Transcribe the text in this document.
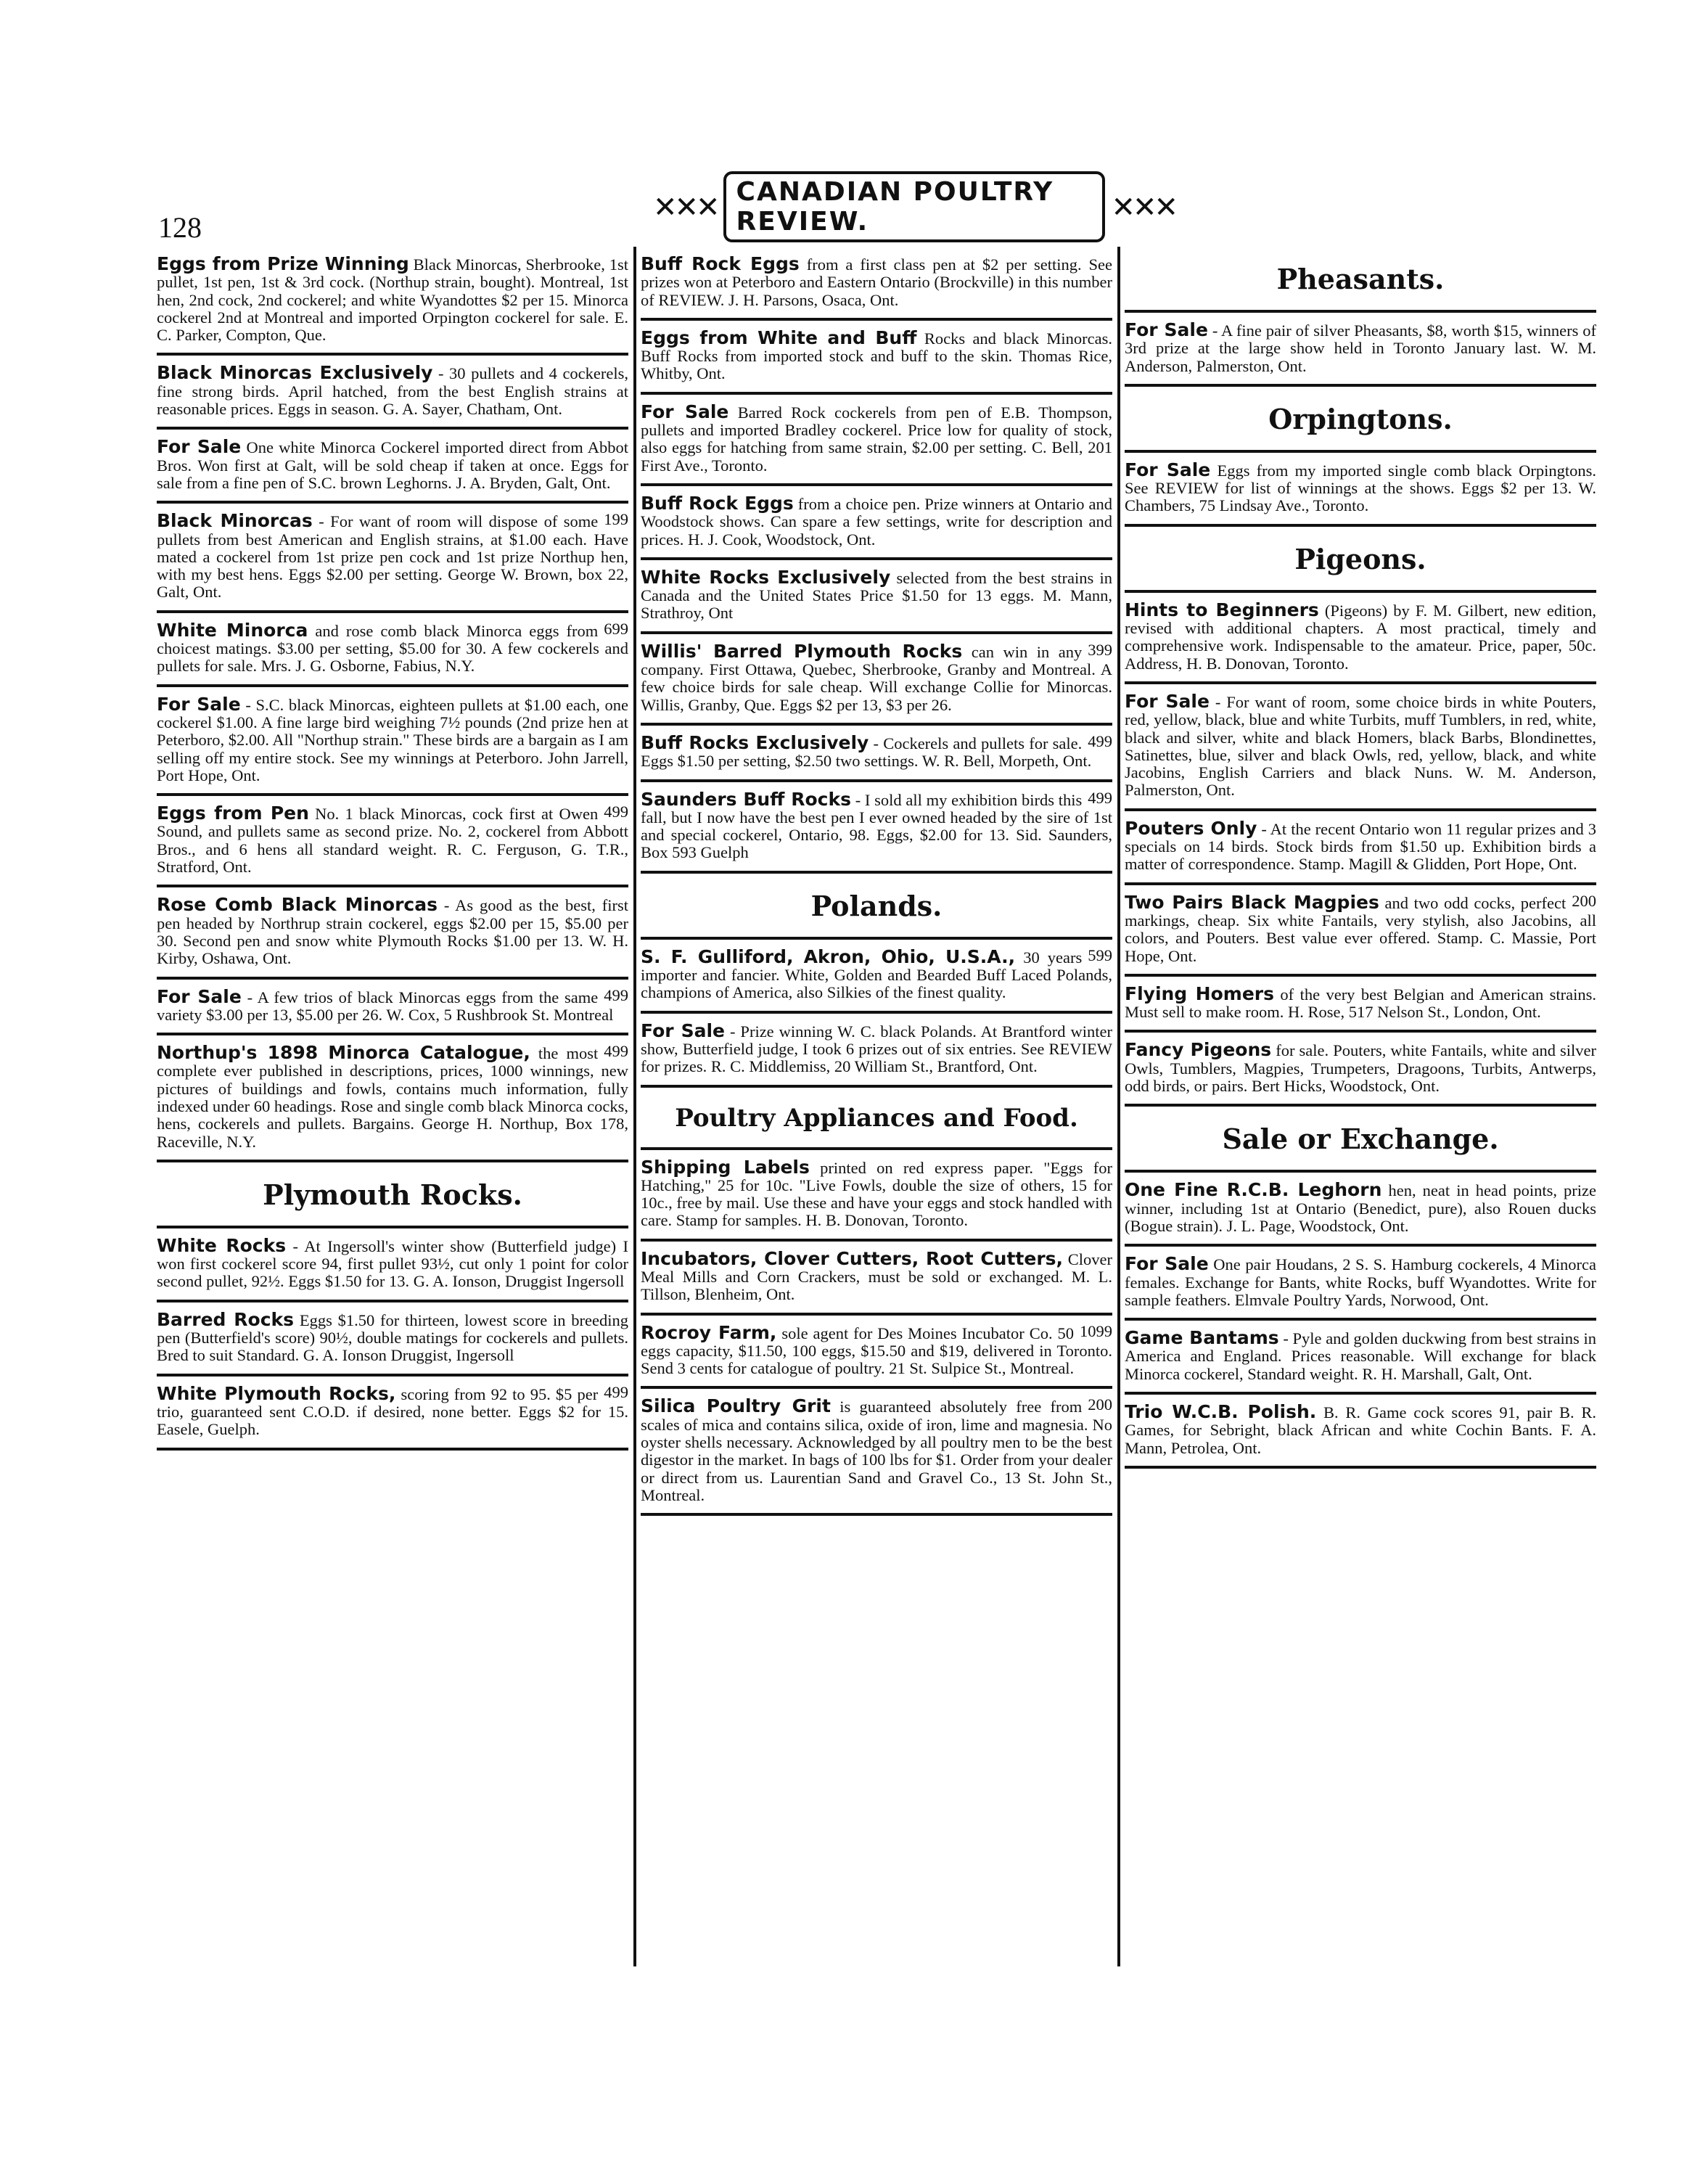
128
✕✕✕ CANADIAN POULTRY REVIEW.	✕✕✕
Eggs from Prize Winning Black Minorcas, Sherbrooke, 1st pullet, 1st pen, 1st & 3rd cock. (Northup strain, bought). Montreal, 1st hen, 2nd cock, 2nd cockerel; and white Wyandottes $2 per 15. Minorca cockerel 2nd at Montreal and imported Orpington cockerel for sale. E. C. Parker, Compton, Que.
Black Minorcas Exclusively - 30 pullets and 4 cockerels, fine strong birds. April hatched, from the best English strains at reasonable prices. Eggs in season. G. A. Sayer, Chatham, Ont.
For Sale One white Minorca Cockerel imported direct from Abbot Bros. Won first at Galt, will be sold cheap if taken at once. Eggs for sale from a fine pen of S.C. brown Leghorns. J. A. Bryden, Galt, Ont.
199
Black Minorcas - For want of room will dispose of some pullets from best American and English strains, at $1.00 each. Have mated a cockerel from 1st prize pen cock and 1st prize Northup hen, with my best hens. Eggs $2.00 per setting. George W. Brown, box 22, Galt, Ont.
699
White Minorca and rose comb black Minorca eggs from choicest matings. $3.00 per setting, $5.00 for 30. A few cockerels and pullets for sale. Mrs. J. G. Osborne, Fabius, N.Y.
For Sale - S.C. black Minorcas, eighteen pullets at $1.00 each, one cockerel $1.00. A fine large bird weighing 7½ pounds (2nd prize hen at Peterboro, $2.00. All "Northup strain." These birds are a bargain as I am selling off my entire stock. See my winnings at Peterboro. John Jarrell, Port Hope, Ont.
499
Eggs from Pen No. 1 black Minorcas, cock first at Owen Sound, and pullets same as second prize. No. 2, cockerel from Abbott Bros., and 6 hens all standard weight. R. C. Ferguson, G. T.R., Stratford, Ont.
Rose Comb Black Minorcas - As good as the best, first pen headed by Northrup strain cockerel, eggs $2.00 per 15, $5.00 per 30. Second pen and snow white Plymouth Rocks $1.00 per 13. W. H. Kirby, Oshawa, Ont.
499
For Sale - A few trios of black Minorcas eggs from the same variety $3.00 per 13, $5.00 per 26. W. Cox, 5 Rushbrook St. Montreal
499
Northup's 1898 Minorca Catalogue, the most complete ever published in descriptions, prices, 1000 winnings, new pictures of buildings and fowls, contains much information, fully indexed under 60 headings. Rose and single comb black Minorca cocks, hens, cockerels and pullets. Bargains. George H. Northup, Box 178, Raceville, N.Y.
Plymouth Rocks.
White Rocks - At Ingersoll's winter show (Butterfield judge) I won first cockerel score 94, first pullet 93½, cut only 1 point for color second pullet, 92½. Eggs $1.50 for 13. G. A. Ionson, Druggist Ingersoll
Barred Rocks Eggs $1.50 for thirteen, lowest score in breeding pen (Butterfield's score) 90½, double matings for cockerels and pullets. Bred to suit Standard. G. A. Ionson Druggist, Ingersoll
499
White Plymouth Rocks, scoring from 92 to 95. $5 per trio, guaranteed sent C.O.D. if desired, none better. Eggs $2 for 15. Easele, Guelph.
Buff Rock Eggs from a first class pen at $2 per setting. See prizes won at Peterboro and Eastern Ontario (Brockville) in this number of REVIEW. J. H. Parsons, Osaca, Ont.
Eggs from White and Buff Rocks and black Minorcas. Buff Rocks from imported stock and buff to the skin. Thomas Rice, Whitby, Ont.
For Sale Barred Rock cockerels from pen of E.B. Thompson, pullets and imported Bradley cockerel. Price low for quality of stock, also eggs for hatching from same strain, $2.00 per setting. C. Bell, 201 First Ave., Toronto.
Buff Rock Eggs from a choice pen. Prize winners at Ontario and Woodstock shows. Can spare a few settings, write for description and prices. H. J. Cook, Woodstock, Ont.
White Rocks Exclusively selected from the best strains in Canada and the United States Price $1.50 for 13 eggs. M. Mann, Strathroy, Ont
399
Willis' Barred Plymouth Rocks can win in any company. First Ottawa, Quebec, Sherbrooke, Granby and Montreal. A few choice birds for sale cheap. Will exchange Collie for Minorcas. Willis, Granby, Que. Eggs $2 per 13, $3 per 26.
499
Buff Rocks Exclusively - Cockerels and pullets for sale. Eggs $1.50 per setting, $2.50 two settings. W. R. Bell, Morpeth, Ont.
499
Saunders Buff Rocks - I sold all my exhibition birds this fall, but I now have the best pen I ever owned headed by the sire of 1st and special cockerel, Ontario, 98. Eggs, $2.00 for 13. Sid. Saunders, Box 593 Guelph
Polands.
599
S. F. Gulliford, Akron, Ohio, U.S.A., 30 years importer and fancier. White, Golden and Bearded Buff Laced Polands, champions of America, also Silkies of the finest quality.
For Sale - Prize winning W. C. black Polands. At Brantford winter show, Butterfield judge, I took 6 prizes out of six entries. See REVIEW for prizes. R. C. Middlemiss, 20 William St., Brantford, Ont.
Poultry Appliances and Food.
Shipping Labels printed on red express paper. "Eggs for Hatching," 25 for 10c. "Live Fowls, double the size of others, 15 for 10c., free by mail. Use these and have your eggs and stock handled with care. Stamp for samples. H. B. Donovan, Toronto.
Incubators, Clover Cutters, Root Cutters, Clover Meal Mills and Corn Crackers, must be sold or exchanged. M. L. Tillson, Blenheim, Ont.
1099
Rocroy Farm, sole agent for Des Moines Incubator Co. 50 eggs capacity, $11.50, 100 eggs, $15.50 and $19, delivered in Toronto. Send 3 cents for catalogue of poultry. 21 St. Sulpice St., Montreal.
200
Silica Poultry Grit is guaranteed absolutely free from scales of mica and contains silica, oxide of iron, lime and magnesia. No oyster shells necessary. Acknowledged by all poultry men to be the best digestor in the market. In bags of 100 lbs for $1. Order from your dealer or direct from us. Laurentian Sand and Gravel Co., 13 St. John St., Montreal.
Pheasants.
For Sale - A fine pair of silver Pheasants, $8, worth $15, winners of 3rd prize at the large show held in Toronto January last. W. M. Anderson, Palmerston, Ont.
Orpingtons.
For Sale Eggs from my imported single comb black Orpingtons. See REVIEW for list of winnings at the shows. Eggs $2 per 13. W. Chambers, 75 Lindsay Ave., Toronto.
Pigeons.
Hints to Beginners (Pigeons) by F. M. Gilbert, new edition, revised with additional chapters. A most practical, timely and comprehensive work. Indispensable to the amateur. Price, paper, 50c. Address, H. B. Donovan, Toronto.
For Sale - For want of room, some choice birds in white Pouters, red, yellow, black, blue and white Turbits, muff Tumblers, in red, white, black and silver, white and black Homers, black Barbs, Blondinettes, Satinettes, blue, silver and black Owls, red, yellow, black, and white Jacobins, English Carriers and black Nuns. W. M. Anderson, Palmerston, Ont.
Pouters Only - At the recent Ontario won 11 regular prizes and 3 specials on 14 birds. Stock birds from $1.50 up. Exhibition birds a matter of correspondence. Stamp. Magill & Glidden, Port Hope, Ont.
200
Two Pairs Black Magpies and two odd cocks, perfect markings, cheap. Six white Fantails, very stylish, also Jacobins, all colors, and Pouters. Best value ever offered. Stamp. C. Massie, Port Hope, Ont.
Flying Homers of the very best Belgian and American strains. Must sell to make room. H. Rose, 517 Nelson St., London, Ont.
Fancy Pigeons for sale. Pouters, white Fantails, white and silver Owls, Tumblers, Magpies, Trumpeters, Dragoons, Turbits, Antwerps, odd birds, or pairs. Bert Hicks, Woodstock, Ont.
Sale or Exchange.
One Fine R.C.B. Leghorn hen, neat in head points, prize winner, including 1st at Ontario (Benedict, pure), also Rouen ducks (Bogue strain). J. L. Page, Woodstock, Ont.
For Sale One pair Houdans, 2 S. S. Hamburg cockerels, 4 Minorca females. Exchange for Bants, white Rocks, buff Wyandottes. Write for sample feathers. Elmvale Poultry Yards, Norwood, Ont.
Game Bantams - Pyle and golden duckwing from best strains in America and England. Prices reasonable. Will exchange for black Minorca cockerel, Standard weight. R. H. Marshall, Galt, Ont.
Trio W.C.B. Polish. B. R. Game cock scores 91, pair B. R. Games, for Sebright, black African and white Cochin Bants. F. A. Mann, Petrolea, Ont.
